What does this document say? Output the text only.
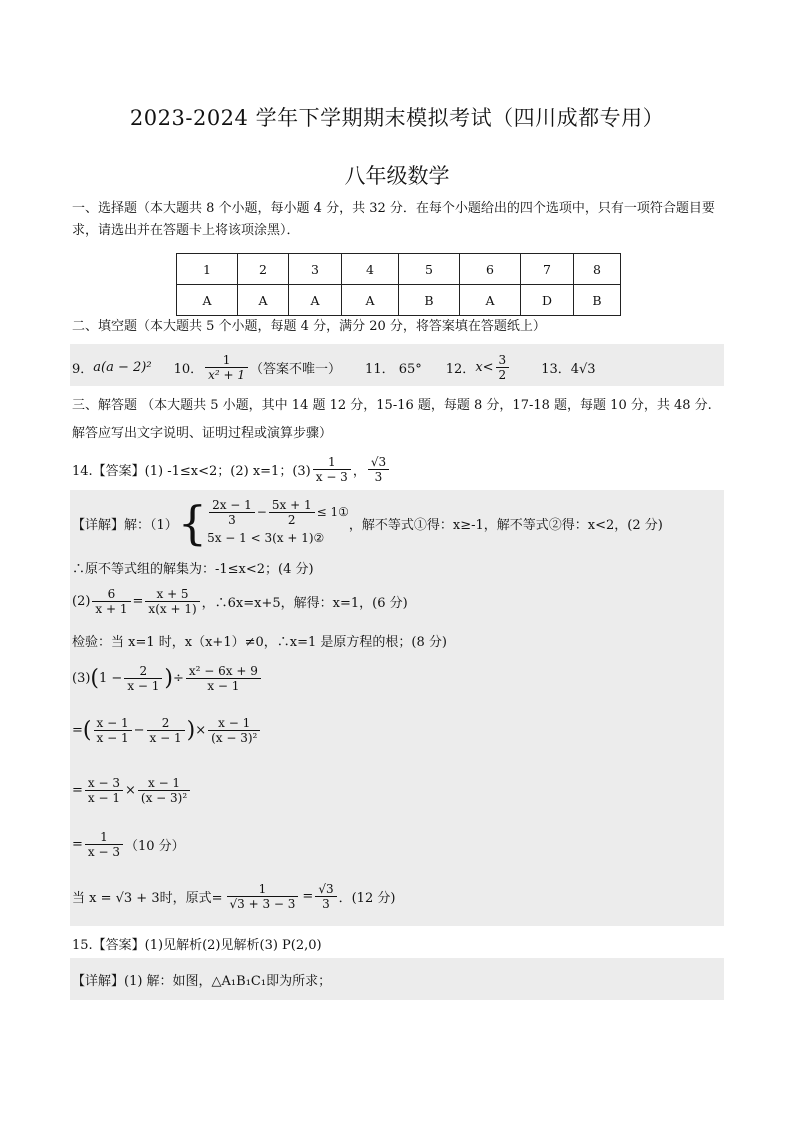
2023-2024 学年下学期期末模拟考试（四川成都专用）
八年级数学
一、选择题（本大题共 8 个小题，每小题 4 分，共 32 分．在每个小题给出的四个选项中，只有一项符合题目要求，请选出并在答题卡上将该项涂黑）．
1	2	3	4	5	6	7	8
A	A	A	A	B	A	D	B
二、填空题（本大题共 5 个小题，每题 4 分，满分 20 分，将答案填在答题纸上）
9． a(a − 2)² 10． $\frac{1}{\text{x² + 1}}$ （答案不唯一） 11． 65° 12． $x< \frac{3}{2} 13$．4√3
三、解答题 （本大题共 5 小题，其中 14 题 12 分，15-16 题，每题 8 分，17-18 题，每题 10 分，共 48 分.解答应写出文字说明、证明过程或演算步骤）
14.【答案】(1) -1≤x<2；(2) x=1；$(3) \frac{1}{x - 3}$ ， $\frac{√3}{3}$
【详解】解：（1） { $\frac{2x - 1}{3} - \frac{5x + 1}{2}$ ≤ 1①
5x − 1 < 3(x + 1)②
，解不等式①得：x≥-1，解不等式②得：x<2，(2 分)
∴原不等式组的解集为：-1≤x<2；(4 分)
$(2) \frac{6}{x + 1} = \frac{x + 5}{x(x + 1)}$ ，∴6x=x+5，解得：x=1，(6 分)
检验：当 x=1 时，x（x+1）≠0，∴x=1 是原方程的根；(8 分)
(3) ( $1 - \frac{2}{x - 1}$ ) ÷ $\frac{\text{x² − 6x + 9}}{x - 1}$
= ( $\frac{x - 1}{x - 1} - \frac{2}{x - 1}$ ) × $\frac{x - 1}{\text{(x − 3)²}}$
= $\frac{x - 3}{x - 1} \times \frac{x - 1}{\text{(x − 3)²}}$
= $\frac{1}{x - 3} (10$ 分）
当 x = √3 + 3时，原式= $\frac{1}{√3 + 3 - 3} = \frac{√3}{3}$ ．(12 分)
15.【答案】(1)见解析(2)见解析(3) P(2,0)
【详解】(1) 解：如图，△A₁B₁C₁即为所求；
